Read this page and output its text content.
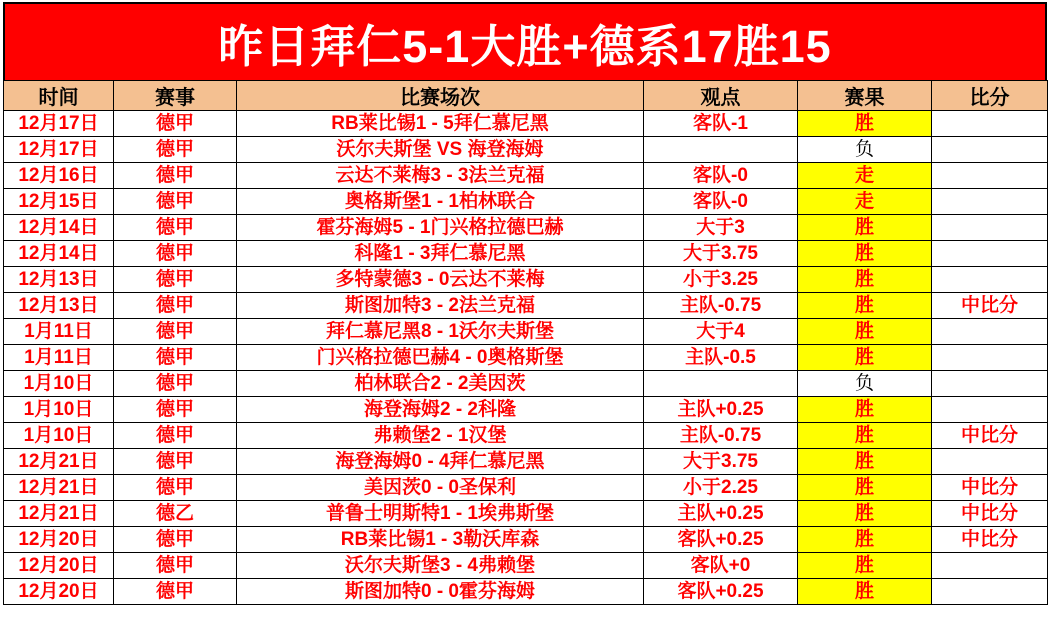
昨日拜仁5-1大胜+德系17胜15
时间	赛事	比赛场次	观点	赛果	比分
12月17日	德甲	RB莱比锡1 - 5拜仁慕尼黑	客队-1	胜	
12月17日	德甲	沃尔夫斯堡 VS 海登海姆		负	
12月16日	德甲	云达不莱梅3 - 3法兰克福	客队-0	走	
12月15日	德甲	奥格斯堡1 - 1柏林联合	客队-0	走	
12月14日	德甲	霍芬海姆5 - 1门兴格拉德巴赫	大于3	胜	
12月14日	德甲	科隆1 - 3拜仁慕尼黑	大于3.75	胜	
12月13日	德甲	多特蒙德3 - 0云达不莱梅	小于3.25	胜	
12月13日	德甲	斯图加特3 - 2法兰克福	主队-0.75	胜	中比分
1月11日	德甲	拜仁慕尼黑8 - 1沃尔夫斯堡	大于4	胜	
1月11日	德甲	门兴格拉德巴赫4 - 0奥格斯堡	主队-0.5	胜	
1月10日	德甲	柏林联合2 - 2美因茨		负	
1月10日	德甲	海登海姆2 - 2科隆	主队+0.25	胜	
1月10日	德甲	弗赖堡2 - 1汉堡	主队-0.75	胜	中比分
12月21日	德甲	海登海姆0 - 4拜仁慕尼黑	大于3.75	胜	
12月21日	德甲	美因茨0 - 0圣保利	小于2.25	胜	中比分
12月21日	德乙	普鲁士明斯特1 - 1埃弗斯堡	主队+0.25	胜	中比分
12月20日	德甲	RB莱比锡1 - 3勒沃库森	客队+0.25	胜	中比分
12月20日	德甲	沃尔夫斯堡3 - 4弗赖堡	客队+0	胜	
12月20日	德甲	斯图加特0 - 0霍芬海姆	客队+0.25	胜	
